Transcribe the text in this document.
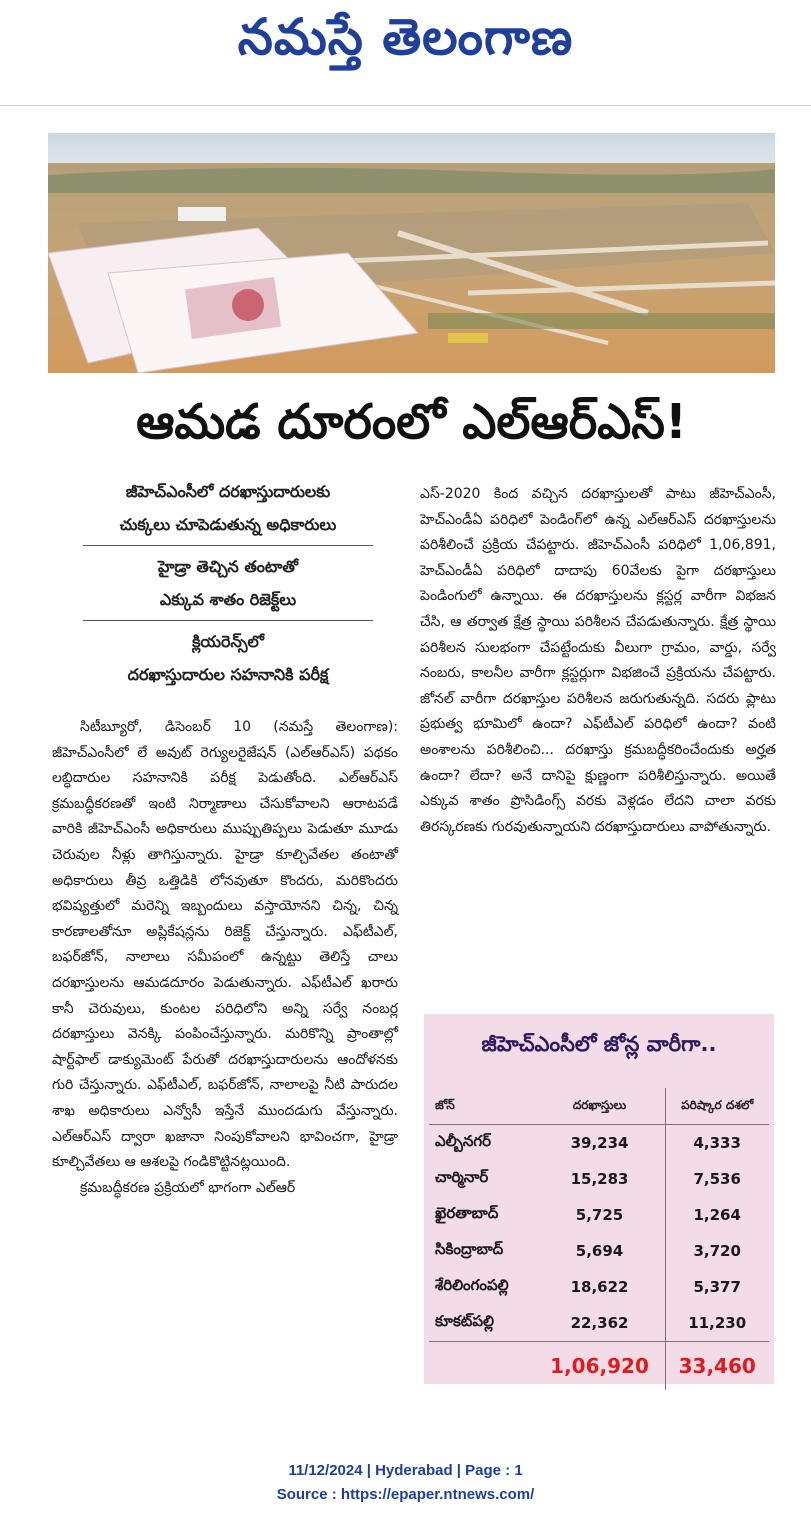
నమస్తే తెలంగాణ
ఆమడ దూరంలో ఎల్‌ఆర్‌ఎస్‌!
జీహెచ్‌ఎంసీలో దరఖాస్తుదారులకు
చుక్కలు చూపెడుతున్న అధికారులు
హైడ్రా తెచ్చిన తంటాతో
ఎక్కువ శాతం రిజెక్ట్‌లు
క్లియరెన్స్‌లో
దరఖాస్తుదారుల సహనానికి పరీక్ష

సిటీబ్యూరో, డిసెంబర్‌ 10 (నమస్తే తెలంగాణ): జీహెచ్‌ఎంసీలో లే అవుట్‌ రెగ్యులరైజేషన్‌ (ఎల్‌ఆర్‌ఎస్‌) పథకం లబ్ధిదారుల సహనానికి పరీక్ష పెడుతోంది. ఎల్‌ఆర్‌ఎస్‌ క్రమబద్ధీకరణతో ఇంటి నిర్మాణాలు చేసుకోవాలని ఆరాటపడే వారికి జీహెచ్‌ఎంసీ అధికారులు ముప్పుతిప్పలు పెడుతూ మూడు చెరువుల నీళ్లు తాగిస్తున్నారు. హైడ్రా కూల్చివేతల తంటాతో అధికారులు తీవ్ర ఒత్తిడికి లోనవుతూ కొందరు, మరికొందరు భవిష్యత్తులో మరెన్ని ఇబ్బందులు వస్తాయోనని చిన్న, చిన్న కారణాలతోనూ అప్లికేషన్లను రిజెక్ట్‌ చేస్తున్నారు. ఎఫ్‌టీఎల్‌, బఫర్‌జోన్‌, నాలాలు సమీపంలో ఉన్నట్టు తెలిస్తే చాలు దరఖాస్తులను ఆమడదూరం పెడుతున్నారు. ఎఫ్‌టీఎల్‌ ఖరారు కానీ చెరువులు, కుంటల పరిధిలోని అన్ని సర్వే నంబర్ల దరఖాస్తులు వెనక్కి పంపించేస్తున్నారు. మరికొన్ని ప్రాంతాల్లో షార్ట్‌ఫాల్‌ డాక్యుమెంట్‌ పేరుతో దరఖాస్తుదారులను ఆందోళనకు గురి చేస్తున్నారు. ఎఫ్‌టీఎల్‌, బఫర్‌జోన్‌, నాలాలపై నీటి పారుదల శాఖ అధికారులు ఎన్వోసీ ఇస్తేనే ముందడుగు వేస్తున్నారు. ఎల్‌ఆర్‌ఎస్‌ ద్వారా ఖజానా నింపుకోవాలని భావించగా, హైడ్రా కూల్చివేతలు ఆ ఆశలపై గండికొట్టినట్లయింది.

క్రమబద్ధీకరణ ప్రక్రియలో భాగంగా ఎల్‌ఆర్‌

ఎస్‌-2020 కింద వచ్చిన దరఖాస్తులతో పాటు జీహెచ్‌ఎంసీ, హెచ్‌ఎండీఏ పరిధిలో పెండింగ్‌లో ఉన్న ఎల్‌ఆర్‌ఎస్‌ దరఖాస్తులను పరిశీలించే ప్రక్రియ చేపట్టారు. జీహెచ్‌ఎంసీ పరిధిలో 1,06,891, హెచ్‌ఎండీఏ పరిధిలో దాదాపు 60వేలకు పైగా దరఖాస్తులు పెండింగులో ఉన్నాయి. ఈ దరఖాస్తులను క్లస్టర్ల వారీగా విభజన చేసి, ఆ తర్వాత క్షేత్ర స్థాయి పరిశీలన చేపడుతున్నారు. క్షేత్ర స్థాయి పరిశీలన సులభంగా చేపట్టేందుకు వీలుగా గ్రామం, వార్డు, సర్వే నంబరు, కాలనీల వారీగా క్లస్టర్లుగా విభజించే ప్రక్రియను చేపట్టారు. జోనల్‌ వారీగా దరఖాస్తుల పరిశీలన జరుగుతున్నది. సదరు ప్లాటు ప్రభుత్వ భూమిలో ఉందా? ఎఫ్‌టీఎల్‌ పరిధిలో ఉందా? వంటి అంశాలను పరిశీలించి... దరఖాస్తు క్రమబద్ధీకరించేందుకు అర్హత ఉందా? లేదా? అనే దానిపై క్షుణ్ణంగా పరిశీలిస్తున్నారు. అయితే ఎక్కువ శాతం ప్రొసిడింగ్స్‌ వరకు వెళ్లడం లేదని చాలా వరకు తిరస్కరణకు గురవుతున్నాయని దరఖాస్తుదారులు వాపోతున్నారు.

జీహెచ్‌ఎంసీలో జోన్ల వారీగా..
జోన్‌	దరఖాస్తులు	పరిష్కార దశలో
ఎల్బీనగర్‌	39,234	4,333
చార్మినార్‌	15,283	7,536
ఖైరతాబాద్‌	5,725	1,264
సికింద్రాబాద్‌	5,694	3,720
శేరిలింగంపల్లి	18,622	5,377
కూకట్‌పల్లి	22,362	11,230
	1,06,920	33,460
11/12/2024 | Hyderabad | Page : 1
Source : https://epaper.ntnews.com/
